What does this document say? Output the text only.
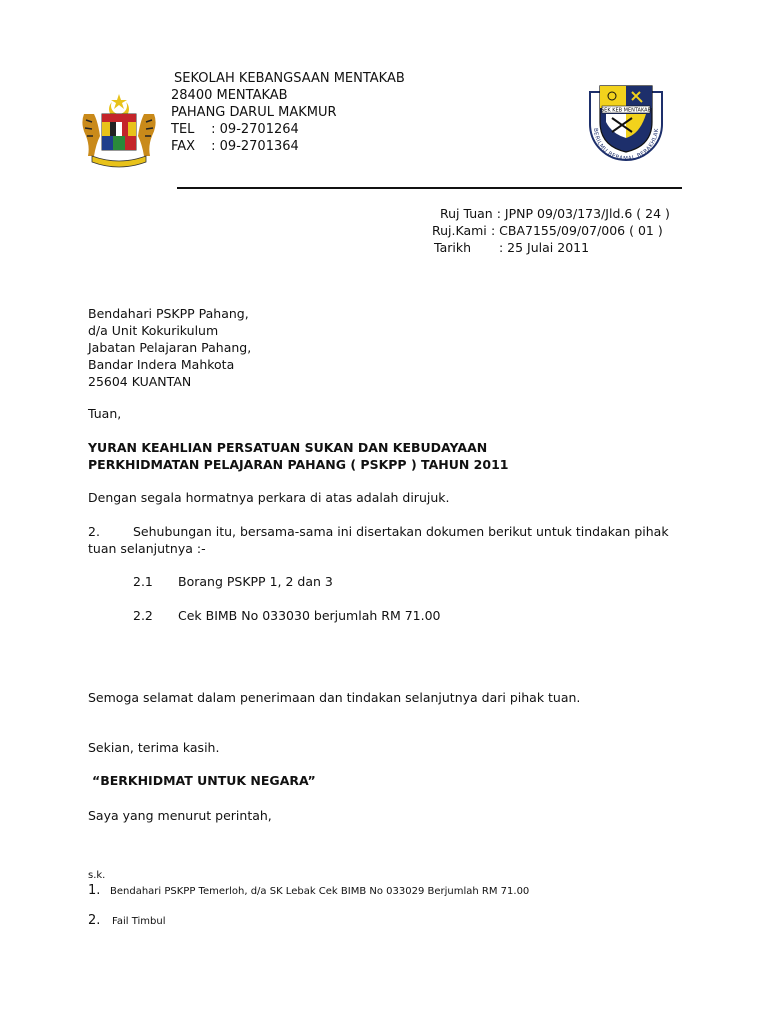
SEKOLAH KEBANGSAAN MENTAKAB
28400 MENTAKAB
PAHANG DARUL MAKMUR
TEL : 09-2701264
FAX : 09-2701364
SEK KEB MENTAKAB
BERILMU BERAMAL BERAKHLAK
Ruj Tuan : JPNP 09/03/173/Jld.6 ( 24 )
Ruj.Kami : CBA7155/09/07/006 ( 01 )
Tarikh : 25 Julai 2011
Bendahari PSKPP Pahang,
d/a Unit Kokurikulum
Jabatan Pelajaran Pahang,
Bandar Indera Mahkota
25604 KUANTAN
Tuan,
YURAN KEAHLIAN PERSATUAN SUKAN DAN KEBUDAYAAN
PERKHIDMATAN PELAJARAN PAHANG ( PSKPP ) TAHUN 2011
Dengan segala hormatnya perkara di atas adalah dirujuk.
2.	Sehubungan itu, bersama-sama ini disertakan dokumen berikut untuk tindakan pihak
tuan selanjutnya :-
2.1 Borang PSKPP 1, 2 dan 3
2.2 Cek BIMB No 033030 berjumlah RM 71.00
Semoga selamat dalam penerimaan dan tindakan selanjutnya dari pihak tuan.
Sekian, terima kasih.
“BERKHIDMAT UNTUK NEGARA”
Saya yang menurut perintah,
s.k.
1. Bendahari PSKPP Temerloh, d/a SK Lebak Cek BIMB No 033029 Berjumlah RM 71.00
2. Fail Timbul
